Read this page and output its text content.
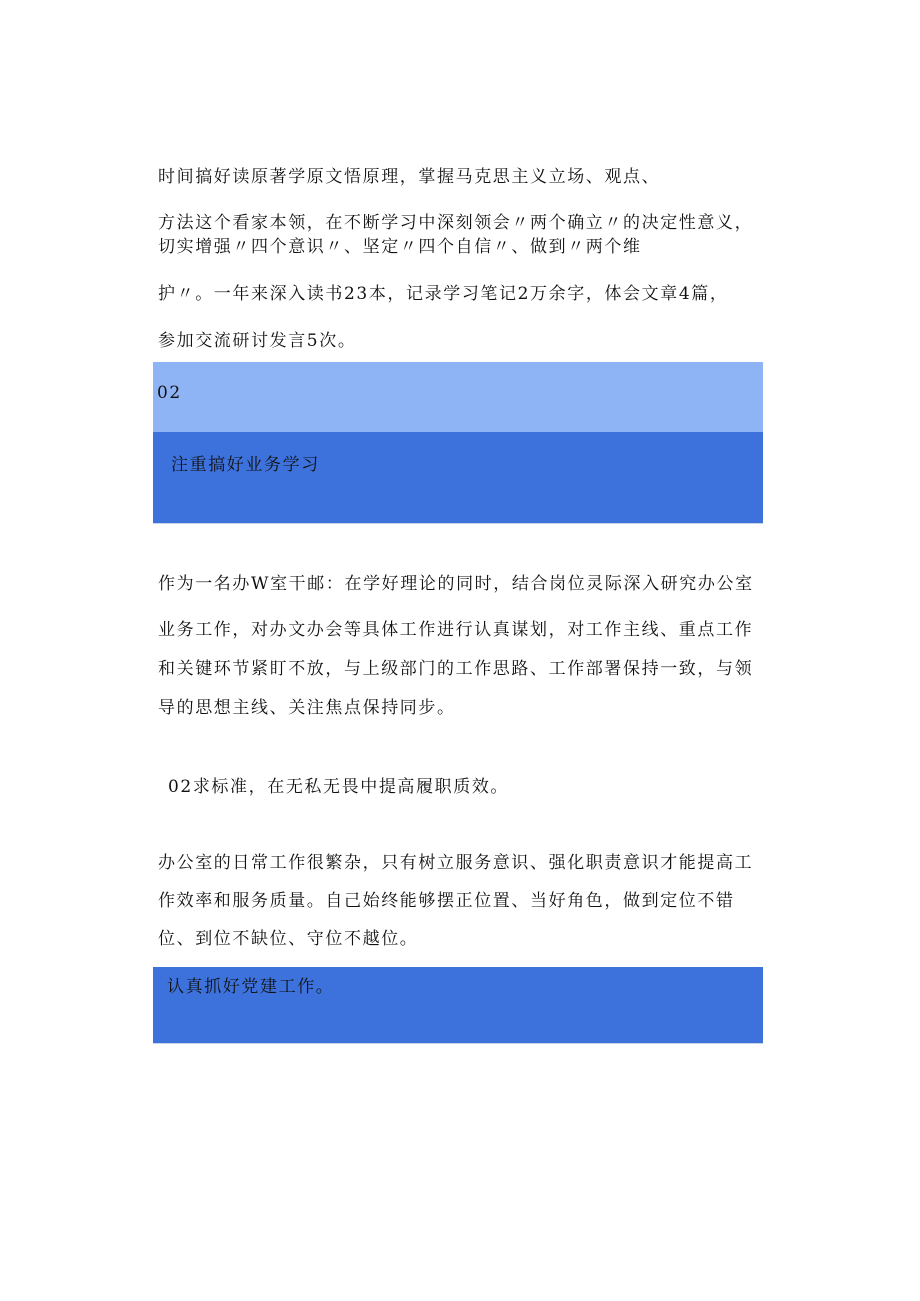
时间搞好读原著学原文悟原理，掌握马克思主义立场、观点、
方法这个看家本领，在不断学习中深刻领会〃两个确立〃的决定性意义，
切实增强〃四个意识〃、坚定〃四个自信〃、做到〃两个维
护〃。一年来深入读书23本，记录学习笔记2万余字，体会文章4篇，
参加交流研讨发言5次。
02
注重搞好业务学习
作为一名办W室干邮：在学好理论的同时，结合岗位灵际深入研究办公室
业务工作，对办文办会等具体工作进行认真谋划，对工作主线、重点工作
和关键环节紧盯不放，与上级部门的工作思路、工作部署保持一致，与领
导的思想主线、关注焦点保持同步。
02求标准，在无私无畏中提高履职质效。
办公室的日常工作很繁杂，只有树立服务意识、强化职责意识才能提高工
作效率和服务质量。自己始终能够摆正位置、当好角色，做到定位不错
位、到位不缺位、守位不越位。
认真抓好党建工作。
